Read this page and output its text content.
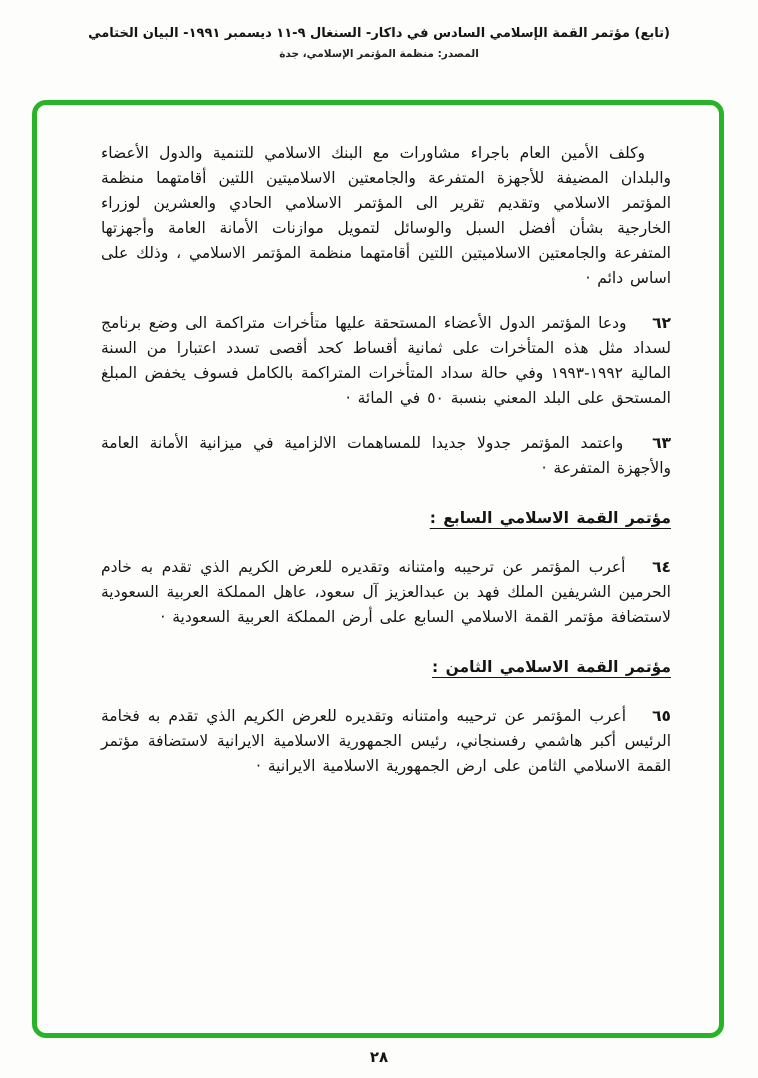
(تابع) مؤتمر القمة الإسلامي السادس في داكار- السنغال ٩-١١ ديسمبر ١٩٩١- البيان الختامي
المصدر: منظمة المؤتمر الإسلامي، جدة

وكلف الأمين العام باجراء مشاورات مع البنك الاسلامي للتنمية والدول الأعضاء والبلدان المضيفة للأجهزة المتفرعة والجامعتين الاسلاميتين اللتين أقامتهما منظمة المؤتمر الاسلامي وتقديم تقرير الى المؤتمر الاسلامي الحادي والعشرين لوزراء الخارجية بشأن أفضل السبل والوسائل لتمويل موازنات الأمانة العامة وأجهزتها المتفرعة والجامعتين الاسلاميتين اللتين أقامتهما منظمة المؤتمر الاسلامي ، وذلك على اساس دائم ·

٦٢ ودعا المؤتمر الدول الأعضاء المستحقة عليها متأخرات متراكمة الى وضع برنامج لسداد مثل هذه المتأخرات على ثمانية أقساط كحد أقصى تسدد اعتبارا من السنة المالية ١٩٩٢-١٩٩٣ وفي حالة سداد المتأخرات المتراكمة بالكامل فسوف يخفض المبلغ المستحق على البلد المعني بنسبة ٥٠ في المائة ·

٦٣ واعتمد المؤتمر جدولا جديدا للمساهمات الالزامية في ميزانية الأمانة العامة والأجهزة المتفرعة ·

مؤتمر القمة الاسلامي السابع :

٦٤ أعرب المؤتمر عن ترحيبه وامتنانه وتقديره للعرض الكريم الذي تقدم به خادم الحرمين الشريفين الملك فهد بن عبدالعزيز آل سعود، عاهل المملكة العربية السعودية لاستضافة مؤتمر القمة الاسلامي السابع على أرض المملكة العربية السعودية ·

مؤتمر القمة الاسلامي الثامن :

٦٥ أعرب المؤتمر عن ترحيبه وامتنانه وتقديره للعرض الكريم الذي تقدم به فخامة الرئيس أكبر هاشمي رفسنجاني، رئيس الجمهورية الاسلامية الايرانية لاستضافة مؤتمر القمة الاسلامي الثامن على ارض الجمهورية الاسلامية الايرانية ·

٢٨
